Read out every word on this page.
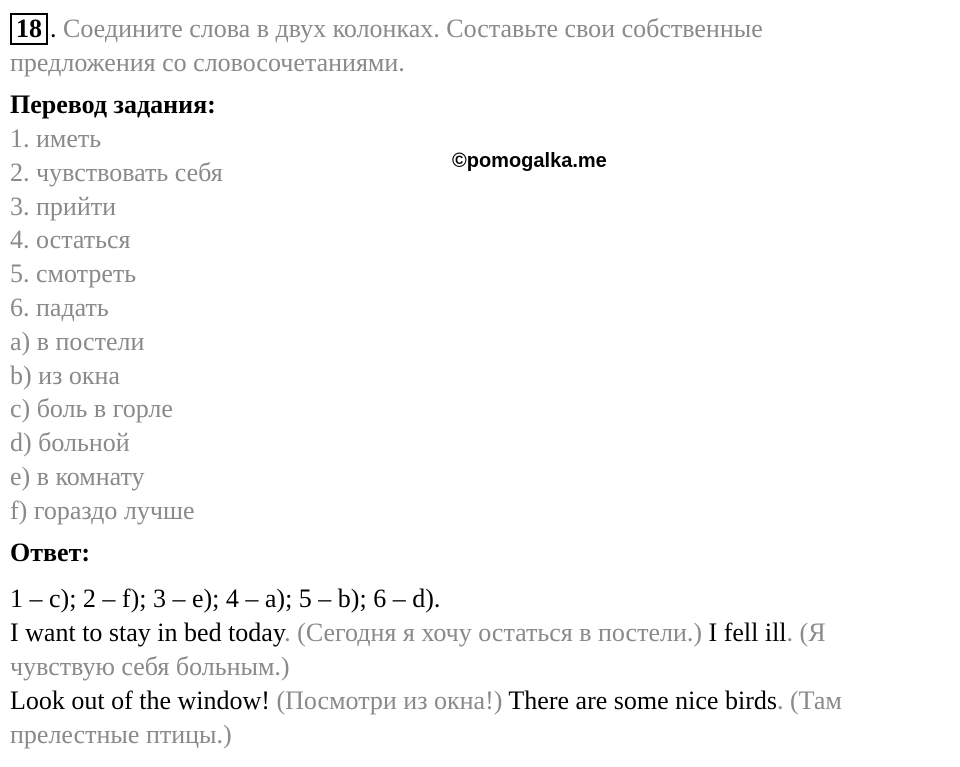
18 . Соедините слова в двух колонках. Составьте свои собственные
предложения со словосочетаниями.
Перевод задания:
1. иметь
2. чувствовать себя
3. прийти
4. остаться
5. смотреть
6. падать
a) в постели
b) из окна
c) боль в горле
d) больной
e) в комнату
f) гораздо лучше
Ответ:
1 – c); 2 – f); 3 – e); 4 – a); 5 – b); 6 – d).
I want to stay in bed today. (Сегодня я хочу остаться в постели.) I fell ill. (Я
чувствую себя больным.)
Look out of the window! (Посмотри из окна!) There are some nice birds. (Там
прелестные птицы.)
©pomogalka.me
